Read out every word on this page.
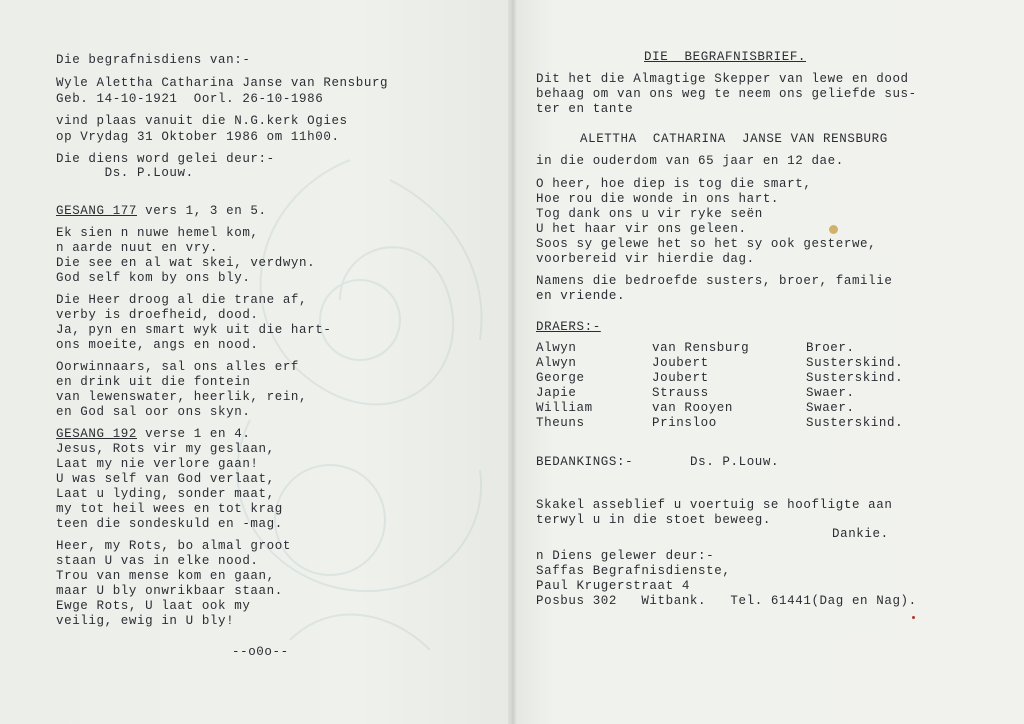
Die begrafnisdiens van:-
Wyle Alettha Catharina Janse van Rensburg
Geb. 14-10-1921  Oorl. 26-10-1986
vind plaas vanuit die N.G.kerk Ogies
op Vrydag 31 Oktober 1986 om 11h00.
Die diens word gelei deur:-
Ds. P.Louw.
GESANG 177 vers 1, 3 en 5.
Ek sien n nuwe hemel kom,
n aarde nuut en vry.
Die see en al wat skei, verdwyn.
God self kom by ons bly.
Die Heer droog al die trane af,
verby is droefheid, dood.
Ja, pyn en smart wyk uit die hart-
ons moeite, angs en nood.
Oorwinnaars, sal ons alles erf
en drink uit die fontein
van lewenswater, heerlik, rein,
en God sal oor ons skyn.
GESANG 192 verse 1 en 4.
Jesus, Rots vir my geslaan,
Laat my nie verlore gaan!
U was self van God verlaat,
Laat u lyding, sonder maat,
my tot heil wees en tot krag
teen die sondeskuld en -mag.
Heer, my Rots, bo almal groot
staan U vas in elke nood.
Trou van mense kom en gaan,
maar U bly onwrikbaar staan.
Ewge Rots, U laat ook my
veilig, ewig in U bly!
--o0o--
DIE  BEGRAFNISBRIEF.
Dit het die Almagtige Skepper van lewe en dood
behaag om van ons weg te neem ons geliefde sus-
ter en tante
ALETTHA  CATHARINA  JANSE VAN RENSBURG
in die ouderdom van 65 jaar en 12 dae.
O heer, hoe diep is tog die smart,
Hoe rou die wonde in ons hart.
Tog dank ons u vir ryke seën
U het haar vir ons geleen.
Soos sy gelewe het so het sy ook gesterwe,
voorbereid vir hierdie dag.
Namens die bedroefde susters, broer, familie
en vriende.
DRAERS:-
Alwyn	van Rensburg	Broer.
Alwyn	Joubert	Susterskind.
George	Joubert	Susterskind.
Japie	Strauss	Swaer.
William	van Rooyen	Swaer.
Theuns	Prinsloo	Susterskind.
BEDANKINGS:-	Ds. P.Louw.
Skakel asseblief u voertuig se hoofligte aan
terwyl u in die stoet beweeg.
Dankie.
n Diens gelewer deur:-
Saffas Begrafnisdienste,
Paul Krugerstraat 4
Posbus 302   Witbank.   Tel. 61441(Dag en Nag).
